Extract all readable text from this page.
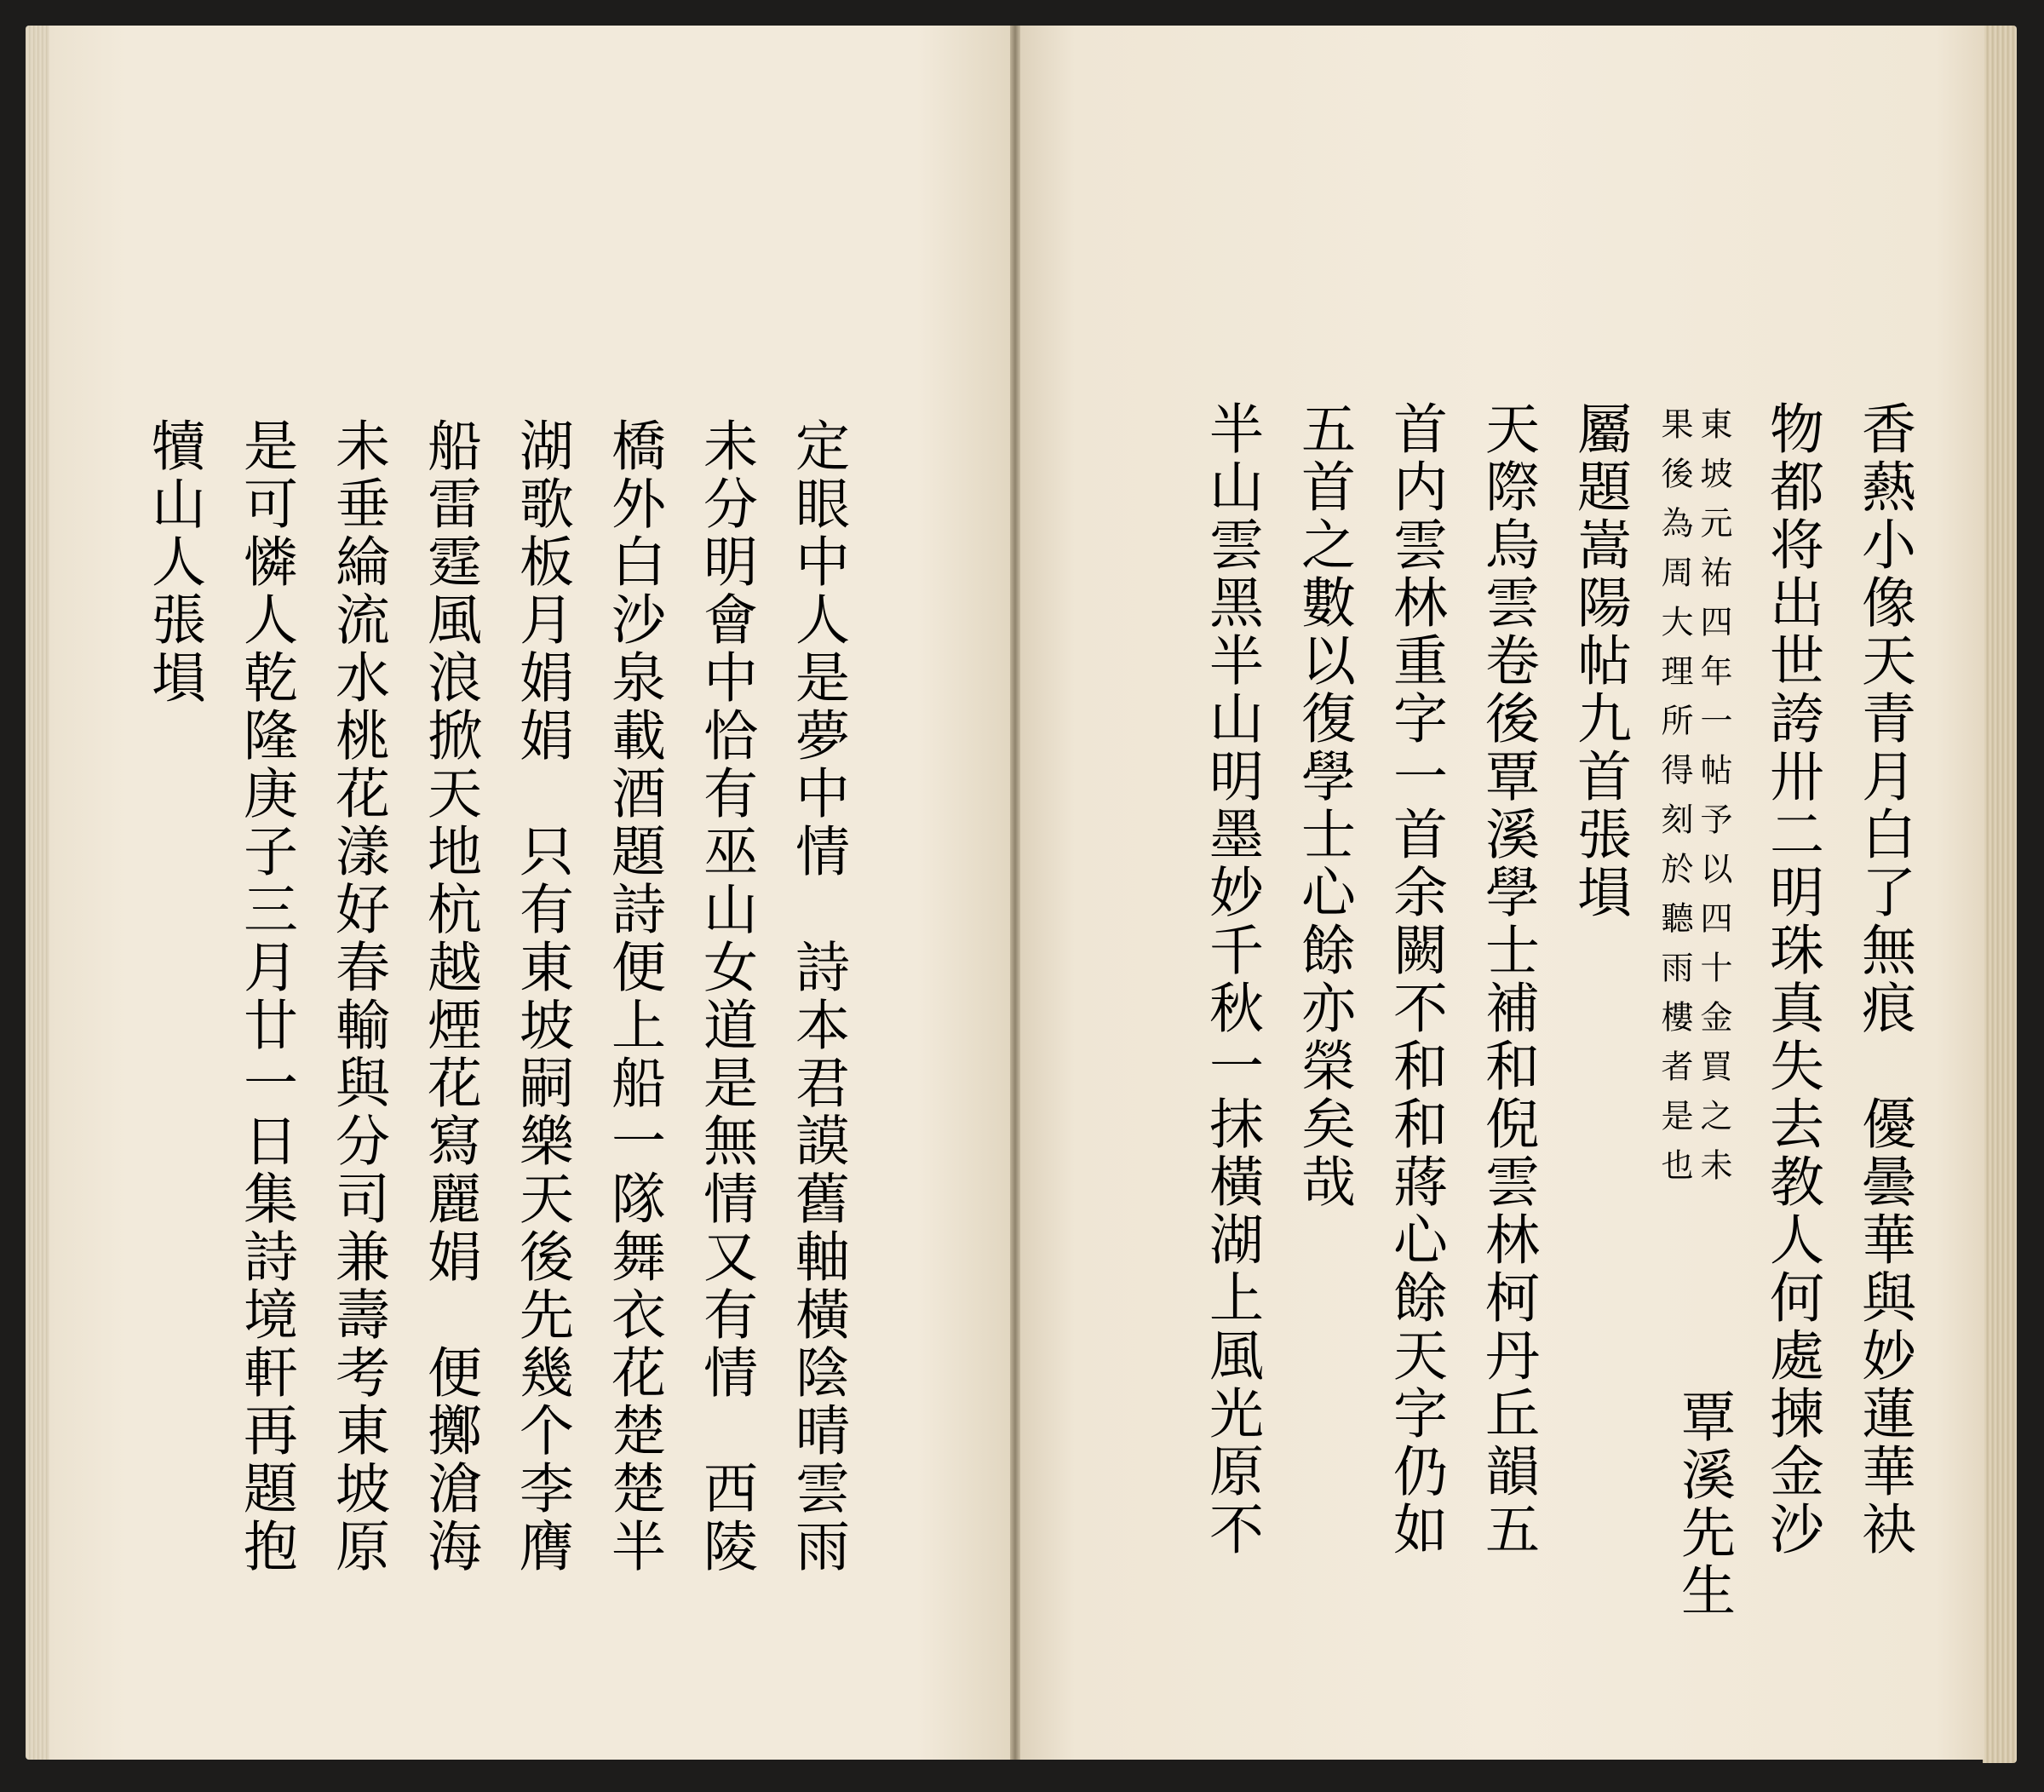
香爇小像天青月白了無痕　優曇華與妙蓮華袂
物都将出世誇卅二明珠真失去教人何處揀金沙
東坡元祐四年一帖予以四十金買之未
果後為周大理所得刻於聽雨樓者是也
覃溪先生
屬題嵩陽帖九首張塤
天際烏雲卷後覃溪學士補和倪雲林柯丹丘韻五
首内雲林重字一首余闕不和和蔣心餘天字仍如
五首之數以復學士心餘亦榮矣哉
半山雲黑半山明墨妙千秋一抹橫湖上風光原不
定眼中人是夢中情　詩本君謨舊軸橫陰晴雲雨
未分明會中恰有巫山女道是無情又有情　西陵
橋外白沙泉載酒題詩便上船一隊舞衣花楚楚半
湖歌板月娟娟　只有東坡嗣樂天後先幾个李膺
船雷霆風浪掀天地杭越煙花寫麗娟　便擲滄海
未垂綸流水桃花漾好春輸與分司兼壽考東坡原
是可憐人乾隆庚子三月廿一日集詩境軒再題抱
犢山人張塤
